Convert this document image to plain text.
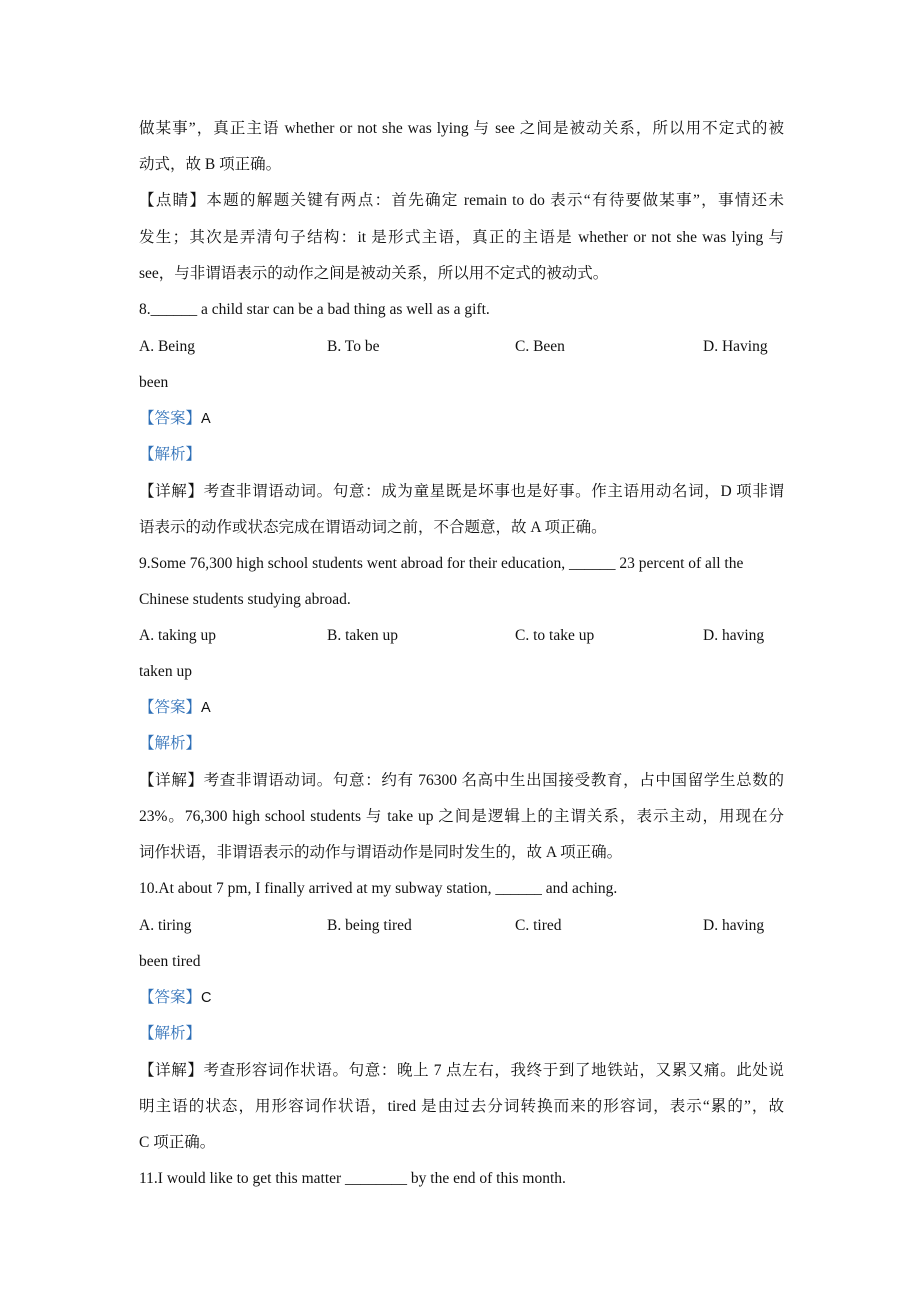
做某事”，真正主语 whether or not she was lying 与 see 之间是被动关系，所以用不定式的被
动式，故 B 项正确。
【点睛】本题的解题关键有两点：首先确定 remain to do 表示“有待要做某事”，事情还未
发生；其次是弄清句子结构：it 是形式主语，真正的主语是 whether or not she was lying 与
see，与非谓语表示的动作之间是被动关系，所以用不定式的被动式。
8.______ a child star can be a bad thing as well as a gift.
A. Being	B. To be	C. Been	D. Having
been
【答案】A
【解析】
【详解】考查非谓语动词。句意：成为童星既是坏事也是好事。作主语用动名词，D 项非谓
语表示的动作或状态完成在谓语动词之前，不合题意，故 A 项正确。
9.Some 76,300 high school students went abroad for their education, ______ 23 percent of all the
Chinese students studying abroad.
A. taking up	B. taken up	C. to take up	D. having
taken up
【答案】A
【解析】
【详解】考查非谓语动词。句意：约有 76300 名高中生出国接受教育，占中国留学生总数的
23%。76,300 high school students 与 take up 之间是逻辑上的主谓关系，表示主动，用现在分
词作状语，非谓语表示的动作与谓语动作是同时发生的，故 A 项正确。
10.At about 7 pm, I finally arrived at my subway station, ______ and aching.
A. tiring	B. being tired	C. tired	D. having
been tired
【答案】C
【解析】
【详解】考查形容词作状语。句意：晚上 7 点左右，我终于到了地铁站，又累又痛。此处说
明主语的状态，用形容词作状语，tired 是由过去分词转换而来的形容词，表示“累的”，故
C 项正确。
11.I would like to get this matter ________ by the end of this month.
